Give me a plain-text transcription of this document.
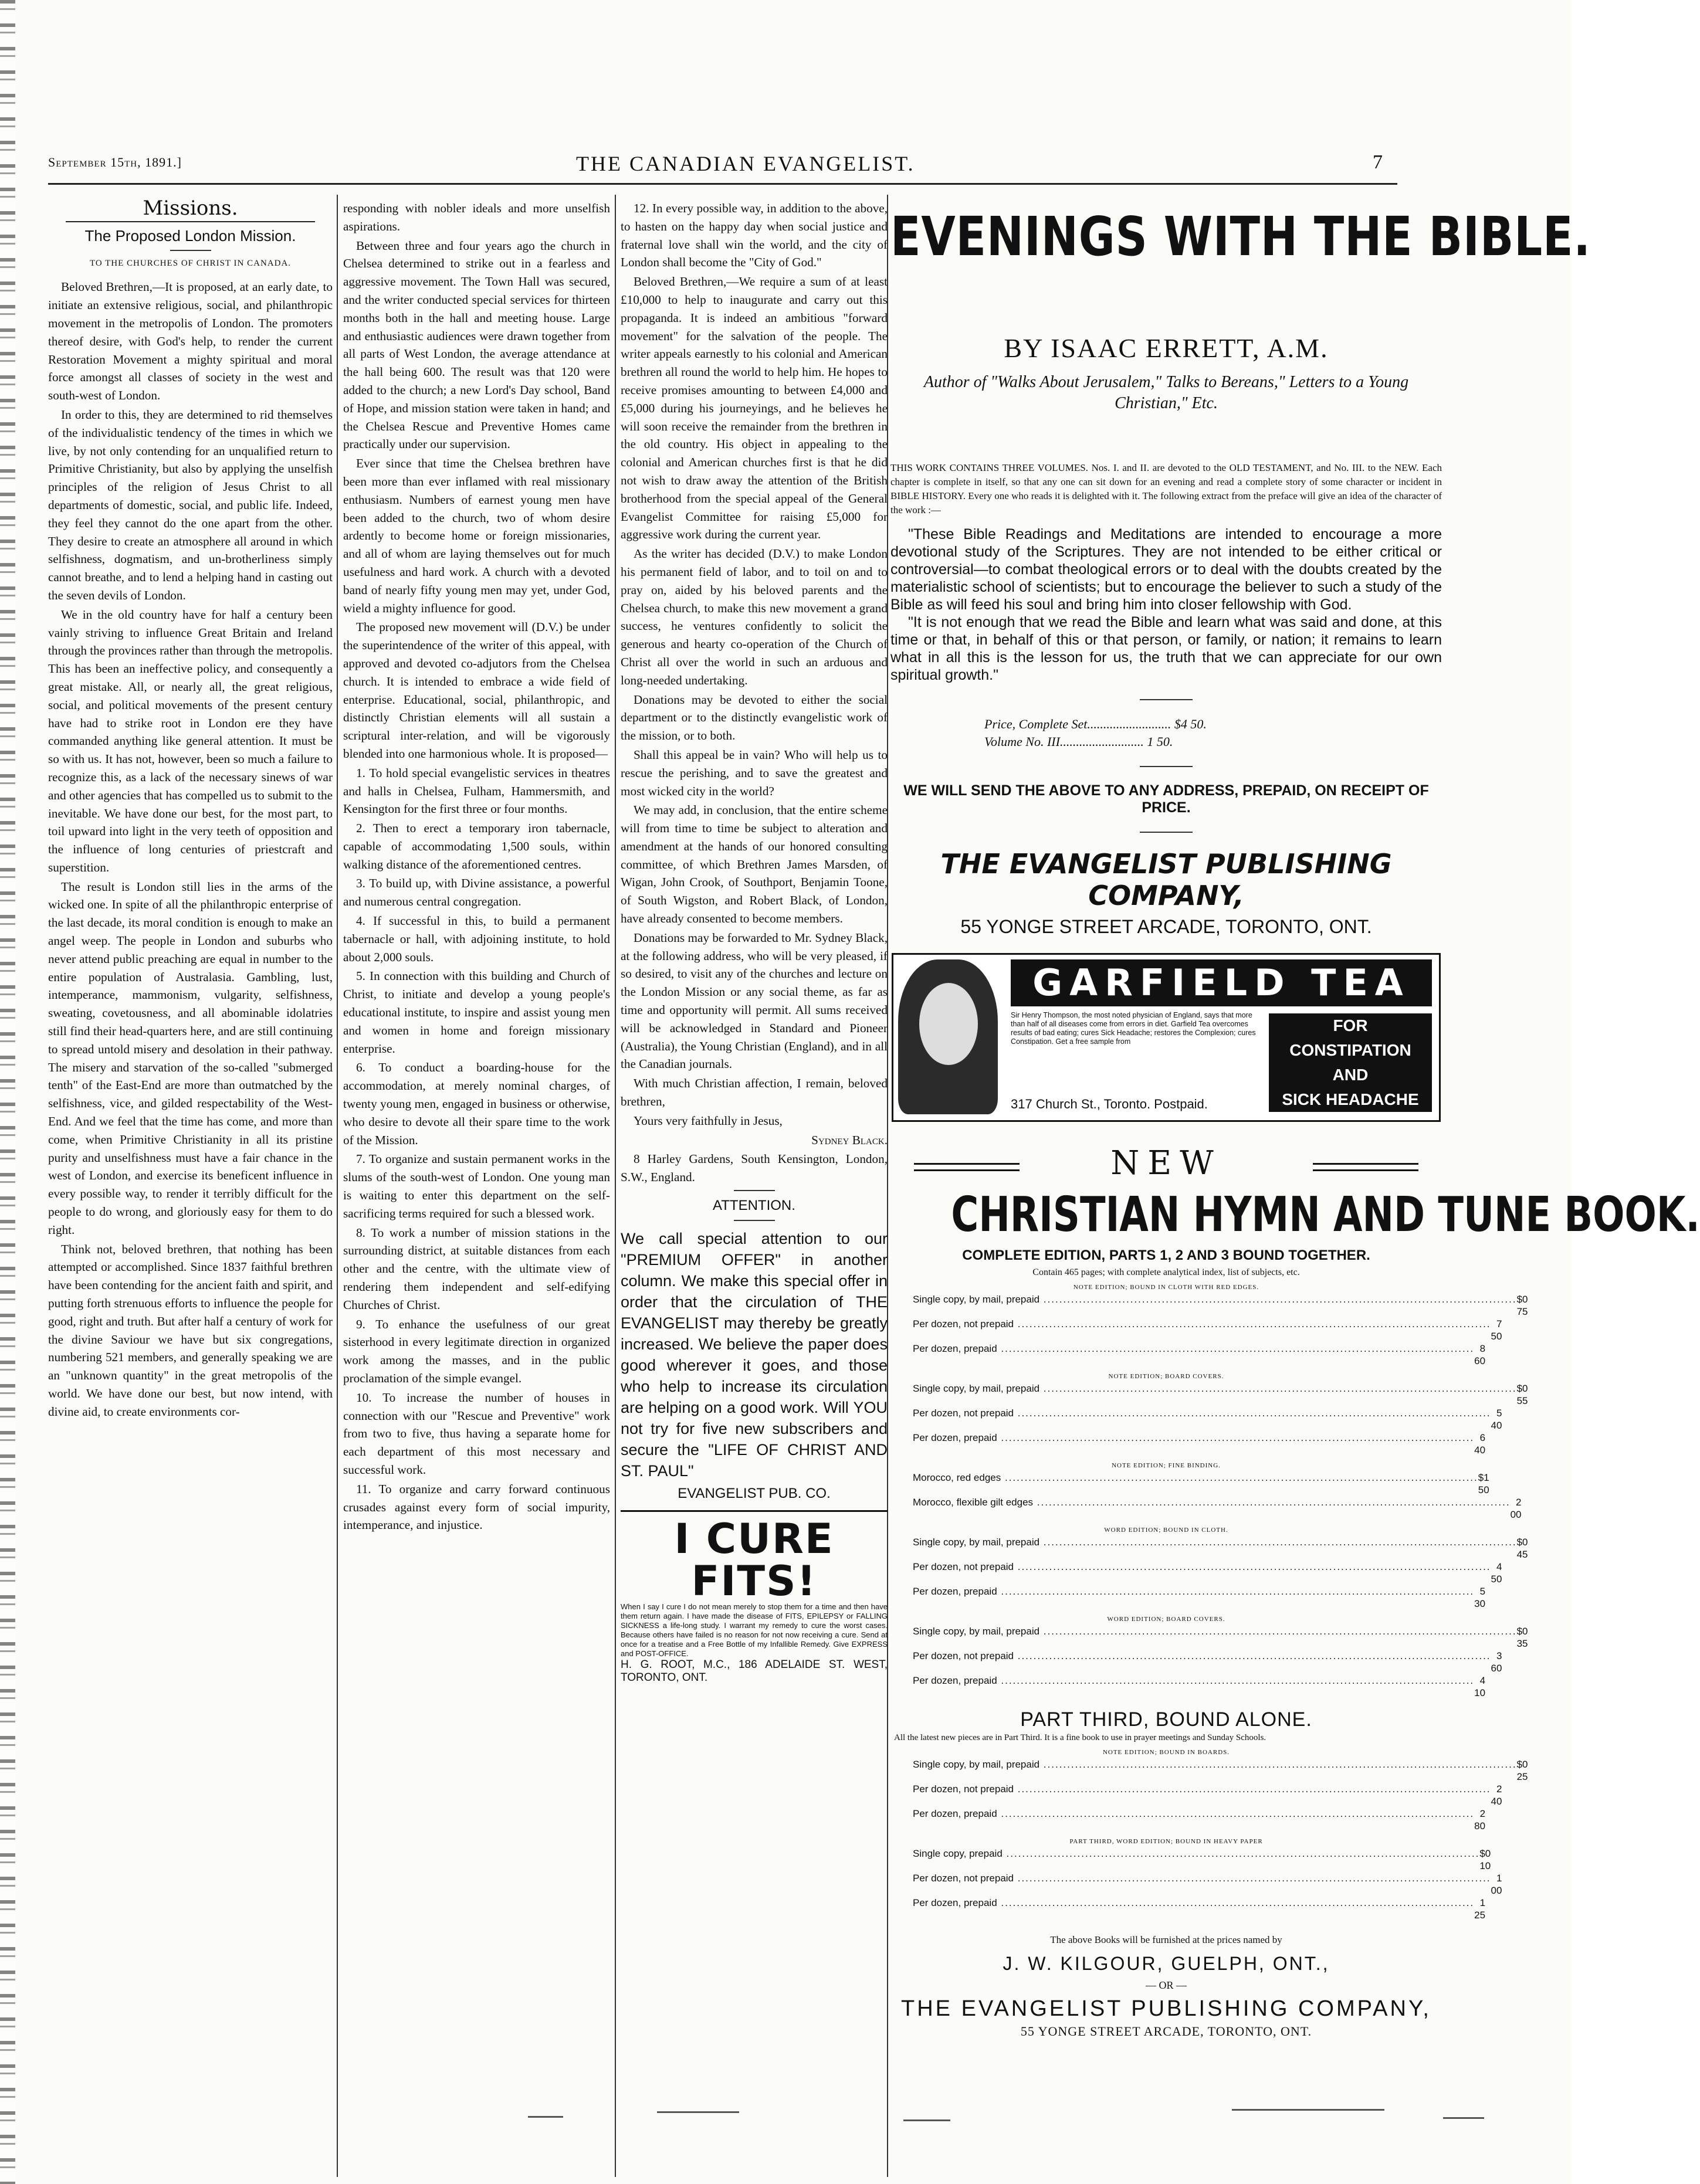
September 15th, 1891.]	THE CANADIAN EVANGELIST.	7
Missions.
The Proposed London Mission.
TO THE CHURCHES OF CHRIST IN CANADA.

Beloved Brethren,—It is proposed, at an early date, to initiate an extensive religious, social, and philanthropic movement in the metropolis of London. The promoters thereof desire, with God's help, to render the current Restoration Movement a mighty spiritual and moral force amongst all classes of society in the west and south-west of London.

In order to this, they are determined to rid themselves of the individualistic tendency of the times in which we live, by not only contending for an unqualified return to Primitive Christianity, but also by applying the unselfish principles of the religion of Jesus Christ to all departments of domestic, social, and public life. Indeed, they feel they cannot do the one apart from the other. They desire to create an atmosphere all around in which selfishness, dogmatism, and un-brotherliness simply cannot breathe, and to lend a helping hand in casting out the seven devils of London.

We in the old country have for half a century been vainly striving to influence Great Britain and Ireland through the provinces rather than through the metropolis. This has been an ineffective policy, and consequently a great mistake. All, or nearly all, the great religious, social, and political movements of the present century have had to strike root in London ere they have commanded anything like general attention. It must be so with us. It has not, however, been so much a failure to recognize this, as a lack of the necessary sinews of war and other agencies that has compelled us to submit to the inevitable. We have done our best, for the most part, to toil upward into light in the very teeth of opposition and the influence of long centuries of priestcraft and superstition.

The result is London still lies in the arms of the wicked one. In spite of all the philanthropic enterprise of the last decade, its moral condition is enough to make an angel weep. The people in London and suburbs who never attend public preaching are equal in number to the entire population of Australasia. Gambling, lust, intemperance, mammonism, vulgarity, selfishness, sweating, covetousness, and all abominable idolatries still find their head-quarters here, and are still continuing to spread untold misery and desolation in their pathway. The misery and starvation of the so-called "submerged tenth" of the East-End are more than outmatched by the selfishness, vice, and gilded respectability of the West-End. And we feel that the time has come, and more than come, when Primitive Christianity in all its pristine purity and unselfishness must have a fair chance in the west of London, and exercise its beneficent influence in every possible way, to render it terribly difficult for the people to do wrong, and gloriously easy for them to do right.

Think not, beloved brethren, that nothing has been attempted or accomplished. Since 1837 faithful brethren have been contending for the ancient faith and spirit, and putting forth strenuous efforts to influence the people for good, right and truth. But after half a century of work for the divine Saviour we have but six congregations, numbering 521 members, and generally speaking we are an "unknown quantity" in the great metropolis of the world. We have done our best, but now intend, with divine aid, to create environments cor-

responding with nobler ideals and more unselfish aspirations.

Between three and four years ago the church in Chelsea determined to strike out in a fearless and aggressive movement. The Town Hall was secured, and the writer conducted special services for thirteen months both in the hall and meeting house. Large and enthusiastic audiences were drawn together from all parts of West London, the average attendance at the hall being 600. The result was that 120 were added to the church; a new Lord's Day school, Band of Hope, and mission station were taken in hand; and the Chelsea Rescue and Preventive Homes came practically under our supervision.

Ever since that time the Chelsea brethren have been more than ever inflamed with real missionary enthusiasm. Numbers of earnest young men have been added to the church, two of whom desire ardently to become home or foreign missionaries, and all of whom are laying themselves out for much usefulness and hard work. A church with a devoted band of nearly fifty young men may yet, under God, wield a mighty influence for good.

The proposed new movement will (D.V.) be under the superintendence of the writer of this appeal, with approved and devoted co-adjutors from the Chelsea church. It is intended to embrace a wide field of enterprise. Educational, social, philanthropic, and distinctly Christian elements will all sustain a scriptural inter-relation, and will be vigorously blended into one harmonious whole. It is proposed—

1. To hold special evangelistic services in theatres and halls in Chelsea, Fulham, Hammersmith, and Kensington for the first three or four months.

2. Then to erect a temporary iron tabernacle, capable of accommodating 1,500 souls, within walking distance of the aforementioned centres.

3. To build up, with Divine assistance, a powerful and numerous central congregation.

4. If successful in this, to build a permanent tabernacle or hall, with adjoining institute, to hold about 2,000 souls.

5. In connection with this building and Church of Christ, to initiate and develop a young people's educational institute, to inspire and assist young men and women in home and foreign missionary enterprise.

6. To conduct a boarding-house for the accommodation, at merely nominal charges, of twenty young men, engaged in business or otherwise, who desire to devote all their spare time to the work of the Mission.

7. To organize and sustain permanent works in the slums of the south-west of London. One young man is waiting to enter this department on the self-sacrificing terms required for such a blessed work.

8. To work a number of mission stations in the surrounding district, at suitable distances from each other and the centre, with the ultimate view of rendering them independent and self-edifying Churches of Christ.

9. To enhance the usefulness of our great sisterhood in every legitimate direction in organized work among the masses, and in the public proclamation of the simple evangel.

10. To increase the number of houses in connection with our "Rescue and Preventive" work from two to five, thus having a separate home for each department of this most necessary and successful work.

11. To organize and carry forward continuous crusades against every form of social impurity, intemperance, and injustice.

12. In every possible way, in addition to the above, to hasten on the happy day when social justice and fraternal love shall win the world, and the city of London shall become the "City of God."

Beloved Brethren,—We require a sum of at least £10,000 to help to inaugurate and carry out this propaganda. It is indeed an ambitious "forward movement" for the salvation of the people. The writer appeals earnestly to his colonial and American brethren all round the world to help him. He hopes to receive promises amounting to between £4,000 and £5,000 during his journeyings, and he believes he will soon receive the remainder from the brethren in the old country. His object in appealing to the colonial and American churches first is that he did not wish to draw away the attention of the British brotherhood from the special appeal of the General Evangelist Committee for raising £5,000 for aggressive work during the current year.

As the writer has decided (D.V.) to make London his permanent field of labor, and to toil on and to pray on, aided by his beloved parents and the Chelsea church, to make this new movement a grand success, he ventures confidently to solicit the generous and hearty co-operation of the Church of Christ all over the world in such an arduous and long-needed undertaking.

Donations may be devoted to either the social department or to the distinctly evangelistic work of the mission, or to both.

Shall this appeal be in vain? Who will help us to rescue the perishing, and to save the greatest and most wicked city in the world?

We may add, in conclusion, that the entire scheme will from time to time be subject to alteration and amendment at the hands of our honored consulting committee, of which Brethren James Marsden, of Wigan, John Crook, of Southport, Benjamin Toone, of South Wigston, and Robert Black, of London, have already consented to become members.

Donations may be forwarded to Mr. Sydney Black, at the following address, who will be very pleased, if so desired, to visit any of the churches and lecture on the London Mission or any social theme, as far as time and opportunity will permit. All sums received will be acknowledged in Standard and Pioneer (Australia), the Young Christian (England), and in all the Canadian journals.

With much Christian affection, I remain, beloved brethren,

Yours very faithfully in Jesus,

Sydney Black.

8 Harley Gardens, South Kensington, London, S.W., England.

ATTENTION.
We call special attention to our "PREMIUM OFFER" in another column. We make this special offer in order that the circulation of THE EVANGELIST may thereby be greatly increased. We believe the paper does good wherever it goes, and those who help to increase its circulation are helping on a good work. Will YOU not try for five new subscribers and secure the "LIFE OF CHRIST AND ST. PAUL"
EVANGELIST PUB. CO.
I CURE FITS!
When I say I cure I do not mean merely to stop them for a time and then have them return again. I have made the disease of FITS, EPILEPSY or FALLING SICKNESS a life-long study. I warrant my remedy to cure the worst cases. Because others have failed is no reason for not now receiving a cure. Send at once for a treatise and a Free Bottle of my Infallible Remedy. Give EXPRESS and POST-OFFICE.
H. G. ROOT, M.C., 186 ADELAIDE ST. WEST, TORONTO, ONT.
EVENINGS WITH THE BIBLE.
BY ISAAC ERRETT, A.M.
Author of "Walks About Jerusalem," Talks to Bereans," Letters to a Young Christian," Etc.
THIS WORK CONTAINS THREE VOLUMES. Nos. I. and II. are devoted to the OLD TESTAMENT, and No. III. to the NEW. Each chapter is complete in itself, so that any one can sit down for an evening and read a complete story of some character or incident in BIBLE HISTORY. Every one who reads it is delighted with it. The following extract from the preface will give an idea of the character of the work :—

"These Bible Readings and Meditations are intended to encourage a more devotional study of the Scriptures. They are not intended to be either critical or controversial—to combat theological errors or to deal with the doubts created by the materialistic school of scientists; but to encourage the believer to such a study of the Bible as will feed his soul and bring him into closer fellowship with God.

"It is not enough that we read the Bible and learn what was said and done, at this time or that, in behalf of this or that person, or family, or nation; it remains to learn what in all this is the lesson for us, the truth that we can appreciate for our own spiritual growth."

Price, Complete Set.......................... $4 50.
Volume No. III.......................... 1 50.
WE WILL SEND THE ABOVE TO ANY ADDRESS, PREPAID, ON RECEIPT OF PRICE.
THE EVANGELIST PUBLISHING COMPANY,
55 YONGE STREET ARCADE, TORONTO, ONT.
GARFIELD TEA
Sir Henry Thompson, the most noted physician of England, says that more than half of all diseases come from errors in diet. Garfield Tea overcomes results of bad eating; cures Sick Headache; restores the Complexion; cures Constipation. Get a free sample from
317 Church St., Toronto. Postpaid.
FOR
CONSTIPATION
AND
SICK HEADACHE
NEW
CHRISTIAN HYMN AND TUNE BOOK.
COMPLETE EDITION, PARTS 1, 2 AND 3 BOUND TOGETHER.
Contain 465 pages; with complete analytical index, list of subjects, etc.
NOTE EDITION; BOUND IN CLOTH WITH RED EDGES.
Single copy, by mail, prepaid .....	$0 75
Per dozen, not prepaid .....	7 50
Per dozen, prepaid .....	8 60
NOTE EDITION; BOARD COVERS.
Single copy, by mail, prepaid .....	$0 55
Per dozen, not prepaid .....	5 40
Per dozen, prepaid .....	6 40
NOTE EDITION; FINE BINDING.
Morocco, red edges .....	$1 50
Morocco, flexible gilt edges .....	2 00
WORD EDITION; BOUND IN CLOTH.
Single copy, by mail, prepaid .....	$0 45
Per dozen, not prepaid .....	4 50
Per dozen, prepaid .....	5 30
WORD EDITION; BOARD COVERS.
Single copy, by mail, prepaid .....	$0 35
Per dozen, not prepaid .....	3 60
Per dozen, prepaid .....	4 10
PART THIRD, BOUND ALONE.
All the latest new pieces are in Part Third. It is a fine book to use in prayer meetings and Sunday Schools.
NOTE EDITION; BOUND IN BOARDS.
Single copy, by mail, prepaid .....	$0 25
Per dozen, not prepaid .....	2 40
Per dozen, prepaid .....	2 80
PART THIRD, WORD EDITION; BOUND IN HEAVY PAPER
Single copy, prepaid .....	$0 10
Per dozen, not prepaid .....	1 00
Per dozen, prepaid .....	1 25
The above Books will be furnished at the prices named by
J. W. KILGOUR, GUELPH, ONT.,
— OR —
THE EVANGELIST PUBLISHING COMPANY,
55 YONGE STREET ARCADE, TORONTO, ONT.
